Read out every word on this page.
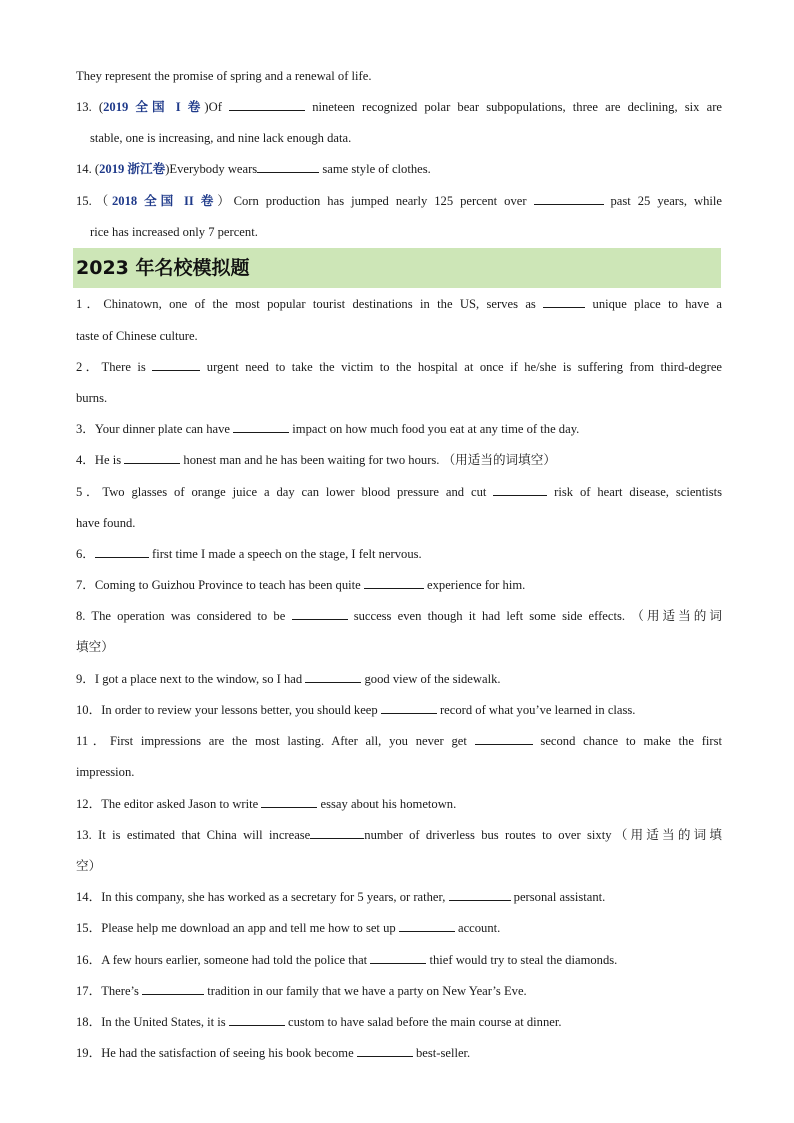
They represent the promise of spring and a renewal of life.
13. (2019 全国 I 卷)Of	nineteen recognized polar bear subpopulations, three are declining, six are
stable, one is increasing, and nine lack enough data.
14. (2019 浙江卷)Everybody wears	same style of clothes.
15.（2018 全国 II 卷）Corn production has jumped nearly 125 percent over	past 25 years, while
rice has increased only 7 percent.
2023 年名校模拟题
1．Chinatown, one of the most popular tourist destinations in the US, serves as	unique place to have a
taste of Chinese culture.
2．There is	urgent need to take the victim to the hospital at once if he/she is suffering from third-degree
burns.
3．Your dinner plate can have	impact on how much food you eat at any time of the day.
4．He is	honest man and he has been waiting for two hours. （用适当的词填空）
5．Two glasses of orange juice a day can lower blood pressure and cut	risk of heart disease, scientists
have found.
6．	first time I made a speech on the stage, I felt nervous.
7．Coming to Guizhou Province to teach has been quite	experience for him.
8. The operation was considered to be	success even though it had left some side effects. （用适当的词
填空）
9．I got a place next to the window, so I had	good view of the sidewalk.
10．In order to review your lessons better, you should keep	record of what you’ve learned in class.
11．First impressions are the most lasting. After all, you never get	second chance to make the first
impression.
12．The editor asked Jason to write	essay about his hometown.
13. It is estimated that China will increase	number of driverless bus routes to over sixty（用适当的词填
空）
14．In this company, she has worked as a secretary for 5 years, or rather,	personal assistant.
15．Please help me download an app and tell me how to set up	account.
16．A few hours earlier, someone had told the police that	thief would try to steal the diamonds.
17．There’s	tradition in our family that we have a party on New Year’s Eve.
18．In the United States, it is	custom to have salad before the main course at dinner.
19．He had the satisfaction of seeing his book become	best-seller.
